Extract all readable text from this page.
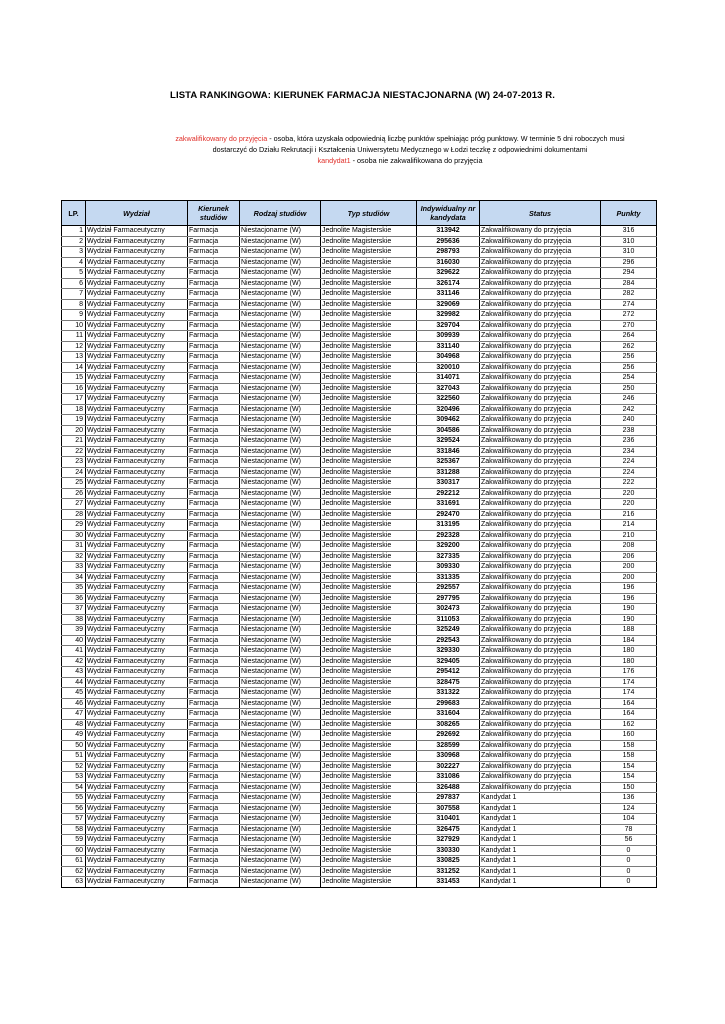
LISTA RANKINGOWA: KIERUNEK FARMACJA NIESTACJONARNA (W) 24-07-2013 R.
zakwalifikowany do przyjęcia - osoba, która uzyskała odpowiednią liczbę punktów spełniając próg punktowy. W terminie 5 dni roboczych musi
dostarczyć do Działu Rekrutacji i Kształcenia Uniwersytetu Medycznego w Łodzi teczkę z odpowiednimi dokumentami
kandydat1 - osoba nie zakwalifikowana do przyjęcia
LP.	Wydział	Kierunek studiów	Rodzaj studiów	Typ studiów	Indywidualny nr kandydata	Status	Punkty
1	Wydział Farmaceutyczny	Farmacja	Niestacjonarne (W)	Jednolite Magisterskie	313942	Zakwalifikowany do przyjęcia	316
2	Wydział Farmaceutyczny	Farmacja	Niestacjonarne (W)	Jednolite Magisterskie	295636	Zakwalifikowany do przyjęcia	310
3	Wydział Farmaceutyczny	Farmacja	Niestacjonarne (W)	Jednolite Magisterskie	298793	Zakwalifikowany do przyjęcia	310
4	Wydział Farmaceutyczny	Farmacja	Niestacjonarne (W)	Jednolite Magisterskie	316030	Zakwalifikowany do przyjęcia	296
5	Wydział Farmaceutyczny	Farmacja	Niestacjonarne (W)	Jednolite Magisterskie	329622	Zakwalifikowany do przyjęcia	294
6	Wydział Farmaceutyczny	Farmacja	Niestacjonarne (W)	Jednolite Magisterskie	326174	Zakwalifikowany do przyjęcia	284
7	Wydział Farmaceutyczny	Farmacja	Niestacjonarne (W)	Jednolite Magisterskie	331146	Zakwalifikowany do przyjęcia	282
8	Wydział Farmaceutyczny	Farmacja	Niestacjonarne (W)	Jednolite Magisterskie	329069	Zakwalifikowany do przyjęcia	274
9	Wydział Farmaceutyczny	Farmacja	Niestacjonarne (W)	Jednolite Magisterskie	329982	Zakwalifikowany do przyjęcia	272
10	Wydział Farmaceutyczny	Farmacja	Niestacjonarne (W)	Jednolite Magisterskie	329704	Zakwalifikowany do przyjęcia	270
11	Wydział Farmaceutyczny	Farmacja	Niestacjonarne (W)	Jednolite Magisterskie	309939	Zakwalifikowany do przyjęcia	264
12	Wydział Farmaceutyczny	Farmacja	Niestacjonarne (W)	Jednolite Magisterskie	331140	Zakwalifikowany do przyjęcia	262
13	Wydział Farmaceutyczny	Farmacja	Niestacjonarne (W)	Jednolite Magisterskie	304968	Zakwalifikowany do przyjęcia	256
14	Wydział Farmaceutyczny	Farmacja	Niestacjonarne (W)	Jednolite Magisterskie	320010	Zakwalifikowany do przyjęcia	256
15	Wydział Farmaceutyczny	Farmacja	Niestacjonarne (W)	Jednolite Magisterskie	314071	Zakwalifikowany do przyjęcia	254
16	Wydział Farmaceutyczny	Farmacja	Niestacjonarne (W)	Jednolite Magisterskie	327043	Zakwalifikowany do przyjęcia	250
17	Wydział Farmaceutyczny	Farmacja	Niestacjonarne (W)	Jednolite Magisterskie	322560	Zakwalifikowany do przyjęcia	246
18	Wydział Farmaceutyczny	Farmacja	Niestacjonarne (W)	Jednolite Magisterskie	320496	Zakwalifikowany do przyjęcia	242
19	Wydział Farmaceutyczny	Farmacja	Niestacjonarne (W)	Jednolite Magisterskie	309462	Zakwalifikowany do przyjęcia	240
20	Wydział Farmaceutyczny	Farmacja	Niestacjonarne (W)	Jednolite Magisterskie	304586	Zakwalifikowany do przyjęcia	238
21	Wydział Farmaceutyczny	Farmacja	Niestacjonarne (W)	Jednolite Magisterskie	329524	Zakwalifikowany do przyjęcia	236
22	Wydział Farmaceutyczny	Farmacja	Niestacjonarne (W)	Jednolite Magisterskie	331846	Zakwalifikowany do przyjęcia	234
23	Wydział Farmaceutyczny	Farmacja	Niestacjonarne (W)	Jednolite Magisterskie	325367	Zakwalifikowany do przyjęcia	224
24	Wydział Farmaceutyczny	Farmacja	Niestacjonarne (W)	Jednolite Magisterskie	331288	Zakwalifikowany do przyjęcia	224
25	Wydział Farmaceutyczny	Farmacja	Niestacjonarne (W)	Jednolite Magisterskie	330317	Zakwalifikowany do przyjęcia	222
26	Wydział Farmaceutyczny	Farmacja	Niestacjonarne (W)	Jednolite Magisterskie	292212	Zakwalifikowany do przyjęcia	220
27	Wydział Farmaceutyczny	Farmacja	Niestacjonarne (W)	Jednolite Magisterskie	331691	Zakwalifikowany do przyjęcia	220
28	Wydział Farmaceutyczny	Farmacja	Niestacjonarne (W)	Jednolite Magisterskie	292470	Zakwalifikowany do przyjęcia	216
29	Wydział Farmaceutyczny	Farmacja	Niestacjonarne (W)	Jednolite Magisterskie	313195	Zakwalifikowany do przyjęcia	214
30	Wydział Farmaceutyczny	Farmacja	Niestacjonarne (W)	Jednolite Magisterskie	292328	Zakwalifikowany do przyjęcia	210
31	Wydział Farmaceutyczny	Farmacja	Niestacjonarne (W)	Jednolite Magisterskie	329200	Zakwalifikowany do przyjęcia	208
32	Wydział Farmaceutyczny	Farmacja	Niestacjonarne (W)	Jednolite Magisterskie	327335	Zakwalifikowany do przyjęcia	206
33	Wydział Farmaceutyczny	Farmacja	Niestacjonarne (W)	Jednolite Magisterskie	309330	Zakwalifikowany do przyjęcia	200
34	Wydział Farmaceutyczny	Farmacja	Niestacjonarne (W)	Jednolite Magisterskie	331335	Zakwalifikowany do przyjęcia	200
35	Wydział Farmaceutyczny	Farmacja	Niestacjonarne (W)	Jednolite Magisterskie	292557	Zakwalifikowany do przyjęcia	196
36	Wydział Farmaceutyczny	Farmacja	Niestacjonarne (W)	Jednolite Magisterskie	297795	Zakwalifikowany do przyjęcia	196
37	Wydział Farmaceutyczny	Farmacja	Niestacjonarne (W)	Jednolite Magisterskie	302473	Zakwalifikowany do przyjęcia	190
38	Wydział Farmaceutyczny	Farmacja	Niestacjonarne (W)	Jednolite Magisterskie	311053	Zakwalifikowany do przyjęcia	190
39	Wydział Farmaceutyczny	Farmacja	Niestacjonarne (W)	Jednolite Magisterskie	325249	Zakwalifikowany do przyjęcia	188
40	Wydział Farmaceutyczny	Farmacja	Niestacjonarne (W)	Jednolite Magisterskie	292543	Zakwalifikowany do przyjęcia	184
41	Wydział Farmaceutyczny	Farmacja	Niestacjonarne (W)	Jednolite Magisterskie	329330	Zakwalifikowany do przyjęcia	180
42	Wydział Farmaceutyczny	Farmacja	Niestacjonarne (W)	Jednolite Magisterskie	329405	Zakwalifikowany do przyjęcia	180
43	Wydział Farmaceutyczny	Farmacja	Niestacjonarne (W)	Jednolite Magisterskie	295412	Zakwalifikowany do przyjęcia	176
44	Wydział Farmaceutyczny	Farmacja	Niestacjonarne (W)	Jednolite Magisterskie	328475	Zakwalifikowany do przyjęcia	174
45	Wydział Farmaceutyczny	Farmacja	Niestacjonarne (W)	Jednolite Magisterskie	331322	Zakwalifikowany do przyjęcia	174
46	Wydział Farmaceutyczny	Farmacja	Niestacjonarne (W)	Jednolite Magisterskie	299683	Zakwalifikowany do przyjęcia	164
47	Wydział Farmaceutyczny	Farmacja	Niestacjonarne (W)	Jednolite Magisterskie	331604	Zakwalifikowany do przyjęcia	164
48	Wydział Farmaceutyczny	Farmacja	Niestacjonarne (W)	Jednolite Magisterskie	308265	Zakwalifikowany do przyjęcia	162
49	Wydział Farmaceutyczny	Farmacja	Niestacjonarne (W)	Jednolite Magisterskie	292692	Zakwalifikowany do przyjęcia	160
50	Wydział Farmaceutyczny	Farmacja	Niestacjonarne (W)	Jednolite Magisterskie	328599	Zakwalifikowany do przyjęcia	158
51	Wydział Farmaceutyczny	Farmacja	Niestacjonarne (W)	Jednolite Magisterskie	330968	Zakwalifikowany do przyjęcia	158
52	Wydział Farmaceutyczny	Farmacja	Niestacjonarne (W)	Jednolite Magisterskie	302227	Zakwalifikowany do przyjęcia	154
53	Wydział Farmaceutyczny	Farmacja	Niestacjonarne (W)	Jednolite Magisterskie	331086	Zakwalifikowany do przyjęcia	154
54	Wydział Farmaceutyczny	Farmacja	Niestacjonarne (W)	Jednolite Magisterskie	326488	Zakwalifikowany do przyjęcia	150
55	Wydział Farmaceutyczny	Farmacja	Niestacjonarne (W)	Jednolite Magisterskie	297837	Kandydat 1	136
56	Wydział Farmaceutyczny	Farmacja	Niestacjonarne (W)	Jednolite Magisterskie	307558	Kandydat 1	124
57	Wydział Farmaceutyczny	Farmacja	Niestacjonarne (W)	Jednolite Magisterskie	310401	Kandydat 1	104
58	Wydział Farmaceutyczny	Farmacja	Niestacjonarne (W)	Jednolite Magisterskie	326475	Kandydat 1	78
59	Wydział Farmaceutyczny	Farmacja	Niestacjonarne (W)	Jednolite Magisterskie	327929	Kandydat 1	56
60	Wydział Farmaceutyczny	Farmacja	Niestacjonarne (W)	Jednolite Magisterskie	330330	Kandydat 1	0
61	Wydział Farmaceutyczny	Farmacja	Niestacjonarne (W)	Jednolite Magisterskie	330825	Kandydat 1	0
62	Wydział Farmaceutyczny	Farmacja	Niestacjonarne (W)	Jednolite Magisterskie	331252	Kandydat 1	0
63	Wydział Farmaceutyczny	Farmacja	Niestacjonarne (W)	Jednolite Magisterskie	331453	Kandydat 1	0
